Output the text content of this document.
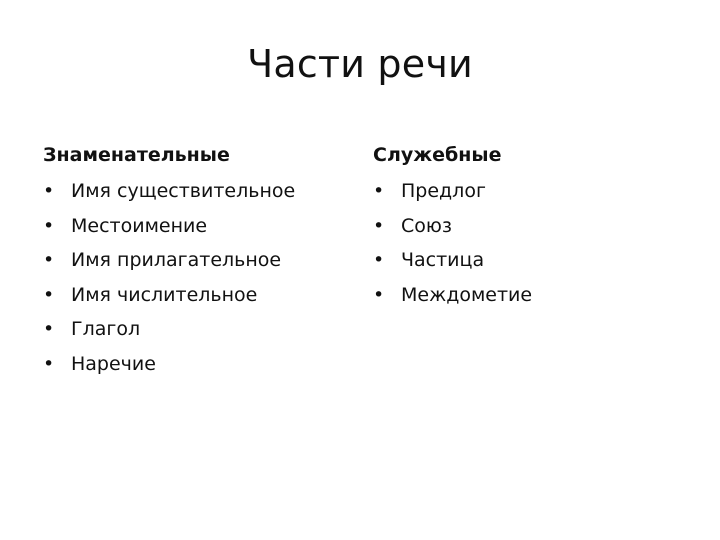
Части речи
Знаменательные
• Имя существительное
• Местоимение
• Имя прилагательное
• Имя числительное
• Глагол
• Наречие
Служебные
• Предлог
• Союз
• Частица
• Междометие
